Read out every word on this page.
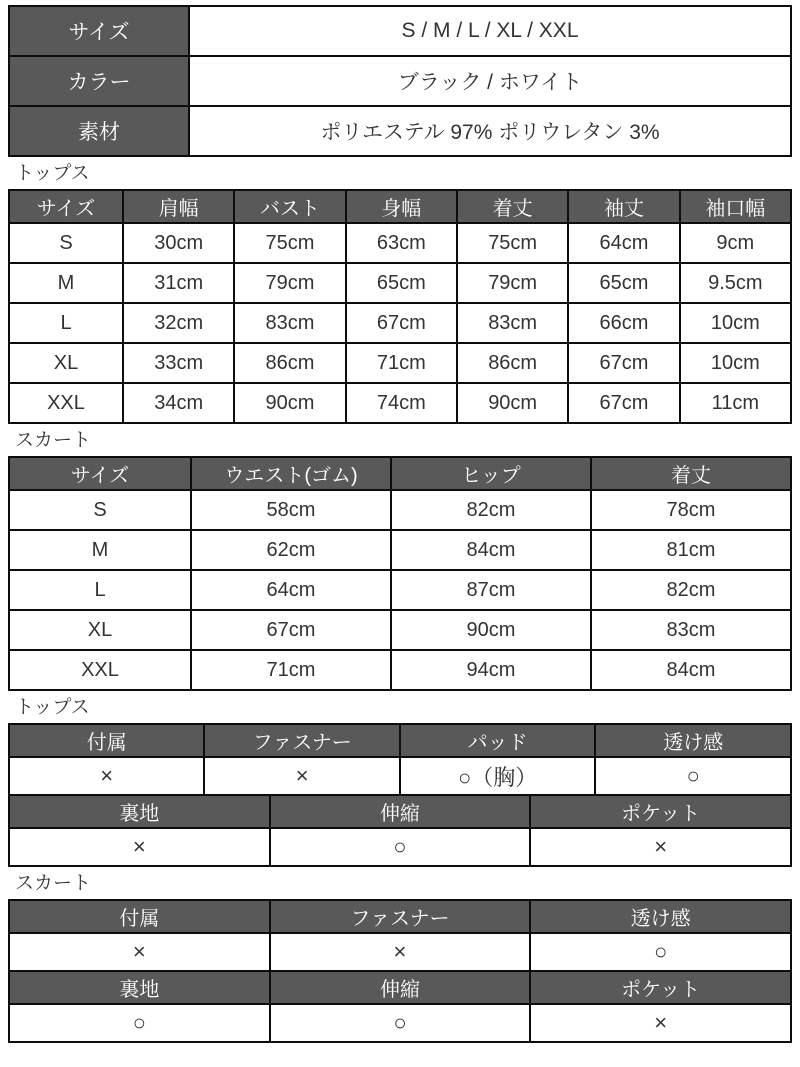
サイズ	S / M / L / XL / XXL
カラー	ブラック / ホワイト
素材	ポリエステル 97% ポリウレタン 3%
トップス
サイズ	肩幅	バスト	身幅	着丈	袖丈	袖口幅
S	30cm	75cm	63cm	75cm	64cm	9cm
M	31cm	79cm	65cm	79cm	65cm	9.5cm
L	32cm	83cm	67cm	83cm	66cm	10cm
XL	33cm	86cm	71cm	86cm	67cm	10cm
XXL	34cm	90cm	74cm	90cm	67cm	11cm
スカート
サイズ	ウエスト(ゴム)	ヒップ	着丈
S	58cm	82cm	78cm
M	62cm	84cm	81cm
L	64cm	87cm	82cm
XL	67cm	90cm	83cm
XXL	71cm	94cm	84cm
トップス
付属	ファスナー		パッド		透け感
×	×		○（胸）		○
裏地		伸縮		ポケット	
×		○		×	
スカート
付属	ファスナー	透け感
×	×	○
裏地	伸縮	ポケット
○	○	×
